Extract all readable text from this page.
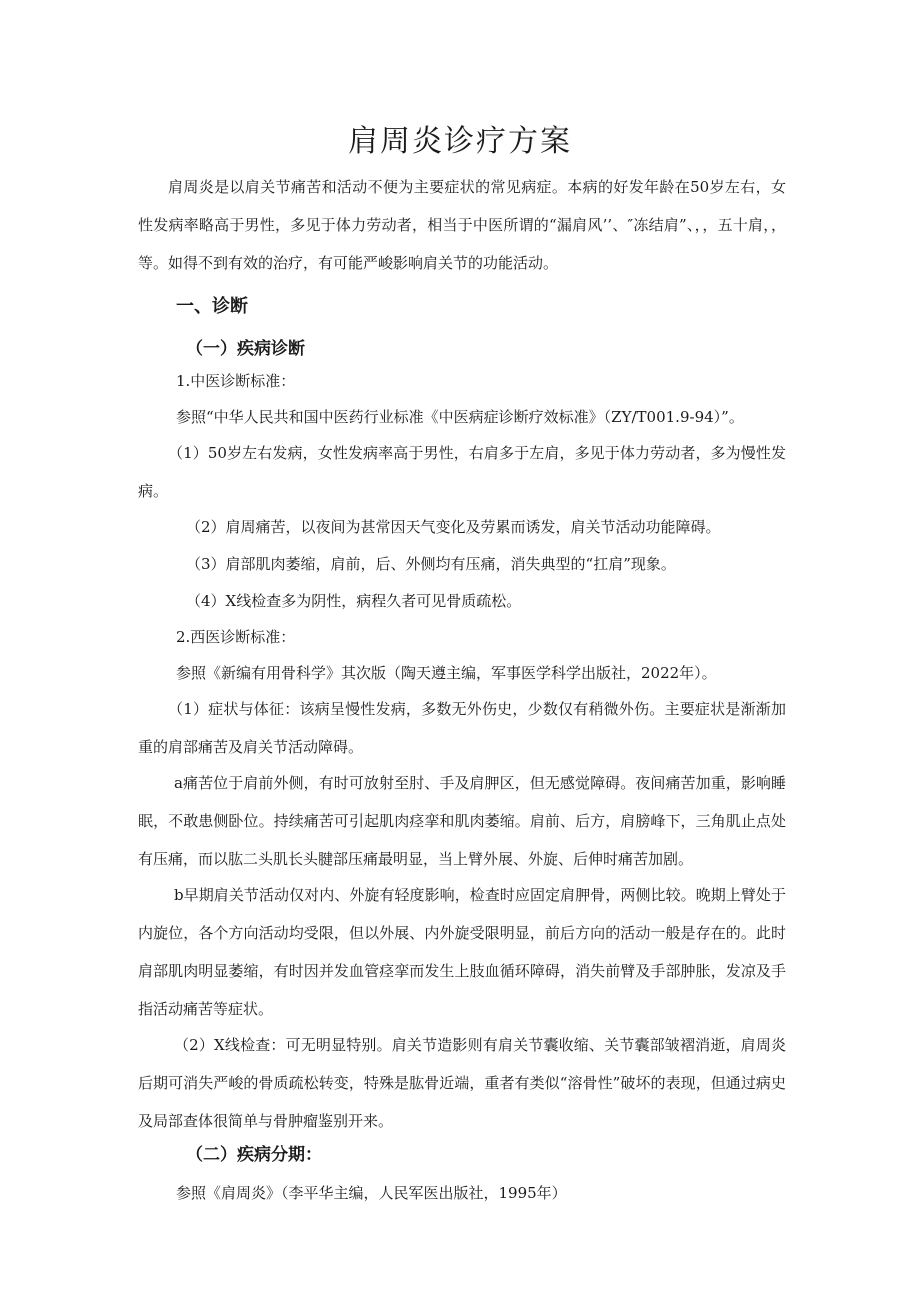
肩周炎诊疗方案

肩周炎是以肩关节痛苦和活动不便为主要症状的常见病症。本病的好发年龄在50岁左右，女性发病率略高于男性，多见于体力劳动者，相当于中医所谓的“漏肩风’’、″冻结肩”、，，五十肩，，等。如得不到有效的治疗，有可能严峻影响肩关节的功能活动。

一、诊断
（一）疾病诊断

1.中医诊断标准：

参照“中华人民共和国中医药行业标准《中医病症诊断疗效标准》（ZY/T001.9-94）”。

（1）50岁左右发病，女性发病率高于男性，右肩多于左肩，多见于体力劳动者，多为慢性发病。

（2）肩周痛苦，以夜间为甚常因天气变化及劳累而诱发，肩关节活动功能障碍。

（3）肩部肌肉萎缩，肩前，后、外侧均有压痛，消失典型的“扛肩”现象。

（4）X线检查多为阴性，病程久者可见骨质疏松。

2.西医诊断标准：

参照《新编有用骨科学》其次版（陶天遵主编，军事医学科学出版社，2022年）。

（1）症状与体征：该病呈慢性发病，多数无外伤史，少数仅有稍微外伤。主要症状是渐渐加重的肩部痛苦及肩关节活动障碍。

a痛苦位于肩前外侧，有时可放射至肘、手及肩胛区，但无感觉障碍。夜间痛苦加重，影响睡眠，不敢患侧卧位。持续痛苦可引起肌肉痉挛和肌肉萎缩。肩前、后方，肩膀峰下，三角肌止点处有压痛，而以肱二头肌长头腱部压痛最明显，当上臂外展、外旋、后伸时痛苦加剧。

b早期肩关节活动仅对内、外旋有轻度影响，检查时应固定肩胛骨，两侧比较。晚期上臂处于内旋位，各个方向活动均受限，但以外展、内外旋受限明显，前后方向的活动一般是存在的。此时肩部肌肉明显萎缩，有时因并发血管痉挛而发生上肢血循环障碍，消失前臂及手部肿胀，发凉及手指活动痛苦等症状。

（2）X线检查：可无明显特别。肩关节造影则有肩关节囊收缩、关节囊部皱褶消逝，肩周炎后期可消失严峻的骨质疏松转变，特殊是肱骨近端，重者有类似“溶骨性”破坏的表现，但通过病史及局部查体很简单与骨肿瘤鉴别开来。

（二）疾病分期：

参照《肩周炎》（李平华主编，人民军医出版社，1995年）
